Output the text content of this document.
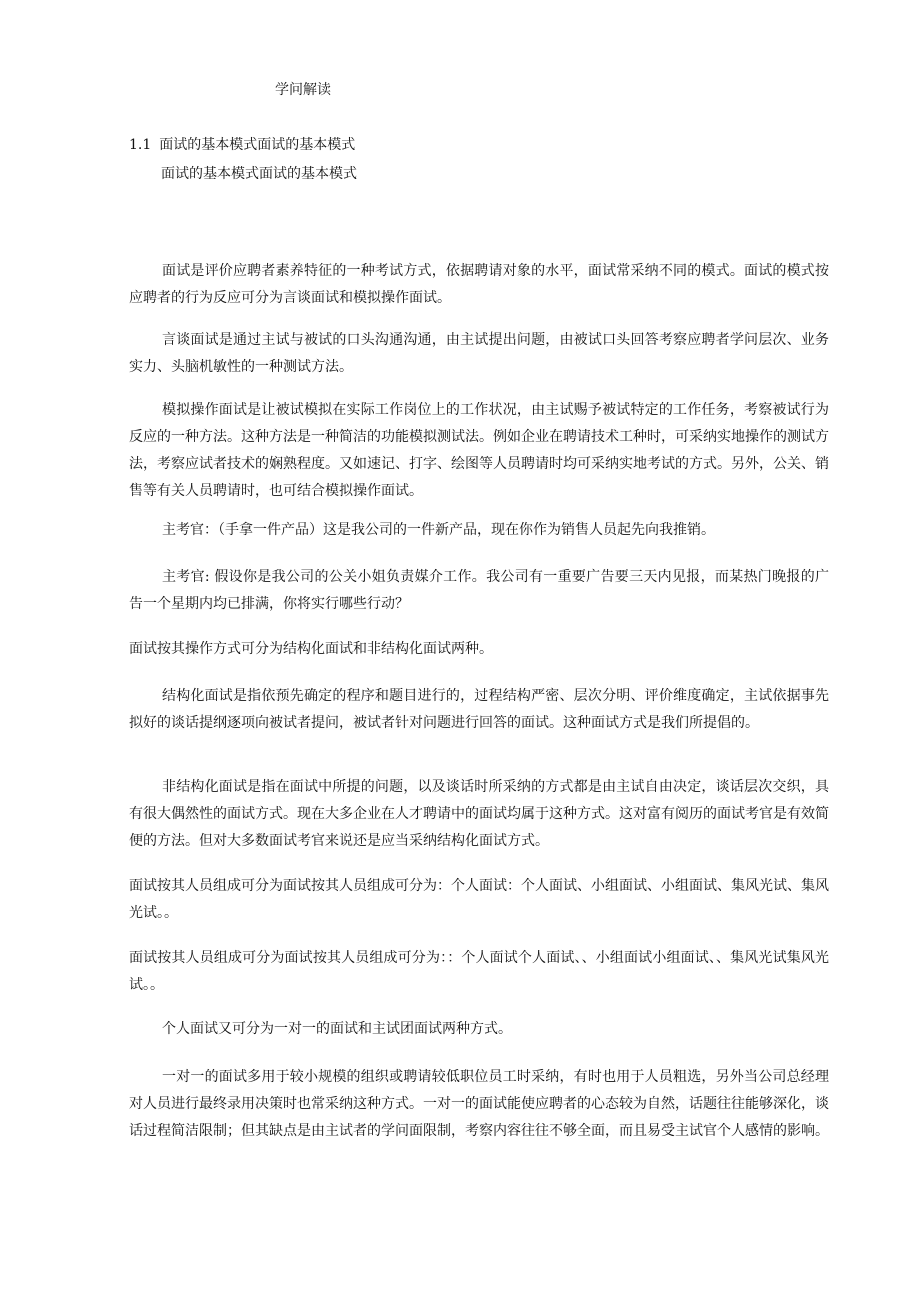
学问解读

1.1 面试的基本模式面试的基本模式

面试的基本模式面试的基本模式

面试是评价应聘者素养特征的一种考试方式，依据聘请对象的水平，面试常采纳不同的模式。面试的模式按应聘者的行为反应可分为言谈面试和模拟操作面试。

言谈面试是通过主试与被试的口头沟通沟通，由主试提出问题，由被试口头回答考察应聘者学问层次、业务实力、头脑机敏性的一种测试方法。

模拟操作面试是让被试模拟在实际工作岗位上的工作状况，由主试赐予被试特定的工作任务，考察被试行为反应的一种方法。这种方法是一种简洁的功能模拟测试法。例如企业在聘请技术工种时，可采纳实地操作的测试方法，考察应试者技术的娴熟程度。又如速记、打字、绘图等人员聘请时均可采纳实地考试的方式。另外，公关、销售等有关人员聘请时，也可结合模拟操作面试。

主考官：（手拿一件产品）这是我公司的一件新产品，现在你作为销售人员起先向我推销。

主考官: 假设你是我公司的公关小姐负责媒介工作。我公司有一重要广告要三天内见报，而某热门晚报的广告一个星期内均已排满，你将实行哪些行动？

面试按其操作方式可分为结构化面试和非结构化面试两种。

结构化面试是指依预先确定的程序和题目进行的，过程结构严密、层次分明、评价维度确定，主试依据事先拟好的谈话提纲逐项向被试者提问，被试者针对问题进行回答的面试。这种面试方式是我们所提倡的。

非结构化面试是指在面试中所提的问题，以及谈话时所采纳的方式都是由主试自由决定，谈话层次交织，具有很大偶然性的面试方式。现在大多企业在人才聘请中的面试均属于这种方式。这对富有阅历的面试考官是有效简便的方法。但对大多数面试考官来说还是应当采纳结构化面试方式。

面试按其人员组成可分为面试按其人员组成可分为：个人面试：个人面试、小组面试、小组面试、集风光试、集风光试。。

面试按其人员组成可分为面试按其人员组成可分为：：个人面试个人面试、、小组面试小组面试、、集风光试集风光试。。

个人面试又可分为一对一的面试和主试团面试两种方式。

一对一的面试多用于较小规模的组织或聘请较低职位员工时采纳，有时也用于人员粗选，另外当公司总经理对人员进行最终录用决策时也常采纳这种方式。一对一的面试能使应聘者的心态较为自然，话题往往能够深化，谈话过程简洁限制；但其缺点是由主试者的学问面限制，考察内容往往不够全面，而且易受主试官个人感情的影响。
